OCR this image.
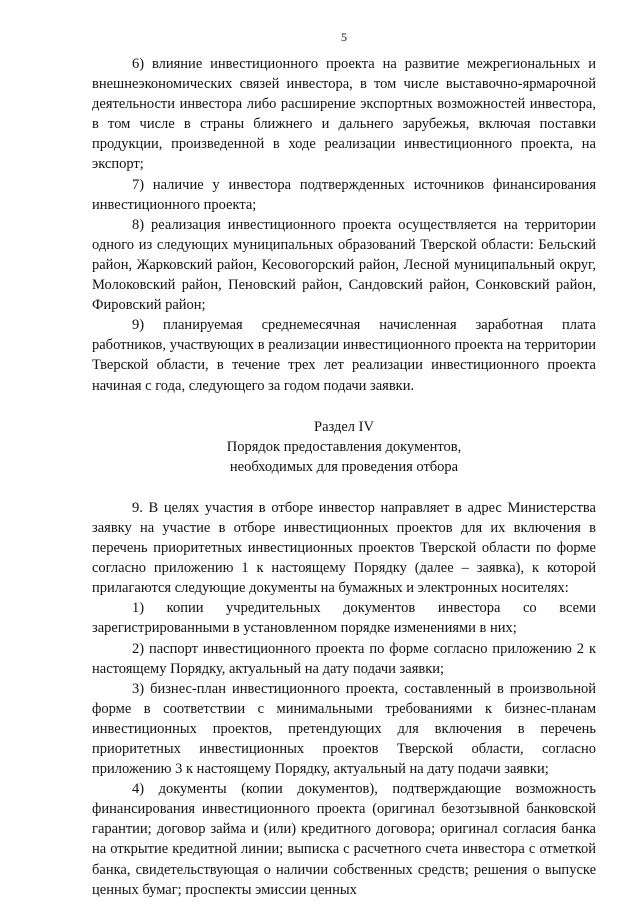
5

6) влияние инвестиционного проекта на развитие межрегиональных и внешнеэкономических связей инвестора, в том числе выставочно-ярмарочной деятельности инвестора либо расширение экспортных возможностей инвестора, в том числе в страны ближнего и дальнего зарубежья, включая поставки продукции, произведенной в ходе реализации инвестиционного проекта, на экспорт;

7) наличие у инвестора подтвержденных источников финансирования инвестиционного проекта;

8) реализация инвестиционного проекта осуществляется на территории одного из следующих муниципальных образований Тверской области: Бельский район, Жарковский район, Кесовогорский район, Лесной муниципальный округ, Молоковский район, Пеновский район, Сандовский район, Сонковский район, Фировский район;

9) планируемая среднемесячная начисленная заработная плата работников, участвующих в реализации инвестиционного проекта на территории Тверской области, в течение трех лет реализации инвестиционного проекта начиная с года, следующего за годом подачи заявки.

Раздел IV

Порядок предоставления документов,

необходимых для проведения отбора

9. В целях участия в отборе инвестор направляет в адрес Министерства заявку на участие в отборе инвестиционных проектов для их включения в перечень приоритетных инвестиционных проектов Тверской области по форме согласно приложению 1 к настоящему Порядку (далее – заявка), к которой прилагаются следующие документы на бумажных и электронных носителях:

1) копии учредительных документов инвестора со всеми зарегистрированными в установленном порядке изменениями в них;

2) паспорт инвестиционного проекта по форме согласно приложению 2 к настоящему Порядку, актуальный на дату подачи заявки;

3) бизнес-план инвестиционного проекта, составленный в произвольной форме в соответствии с минимальными требованиями к бизнес-планам инвестиционных проектов, претендующих для включения в перечень приоритетных инвестиционных проектов Тверской области, согласно приложению 3 к настоящему Порядку, актуальный на дату подачи заявки;

4) документы (копии документов), подтверждающие возможность финансирования инвестиционного проекта (оригинал безотзывной банковской гарантии; договор займа и (или) кредитного договора; оригинал согласия банка на открытие кредитной линии; выписка с расчетного счета инвестора с отметкой банка, свидетельствующая о наличии собственных средств; решения о выпуске ценных бумаг; проспекты эмиссии ценных
